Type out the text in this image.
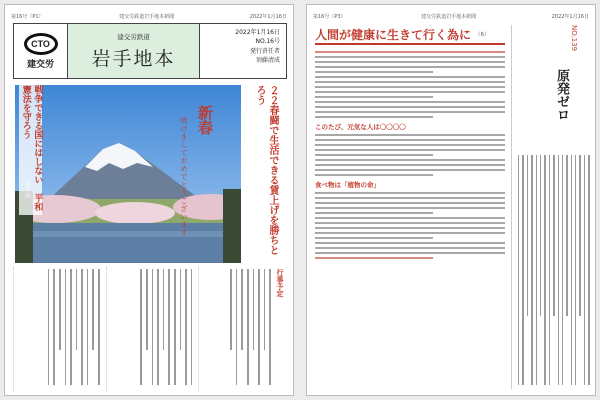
第16号（P1）	建交労鉄道岩手地本新聞	2022年1月16日
CTO
建交労
建交労鉄道
岩手地本
2022年1月16日
NO.16号
発行責任者
須藤清成
新春
明けましておめでとうございます	２２春闘で生活できる賃上げを勝ちとろう
戦争できる国にはしない　平和憲法を守ろう
行事予定
第16号（P3）	建交労鉄道岩手地本新聞	2022年1月16日
人間が健康に生きて行く為に （6）
このたび、元気な人は〇〇〇〇
食べ物は「植物の命」
NO.139
原発ゼロ
